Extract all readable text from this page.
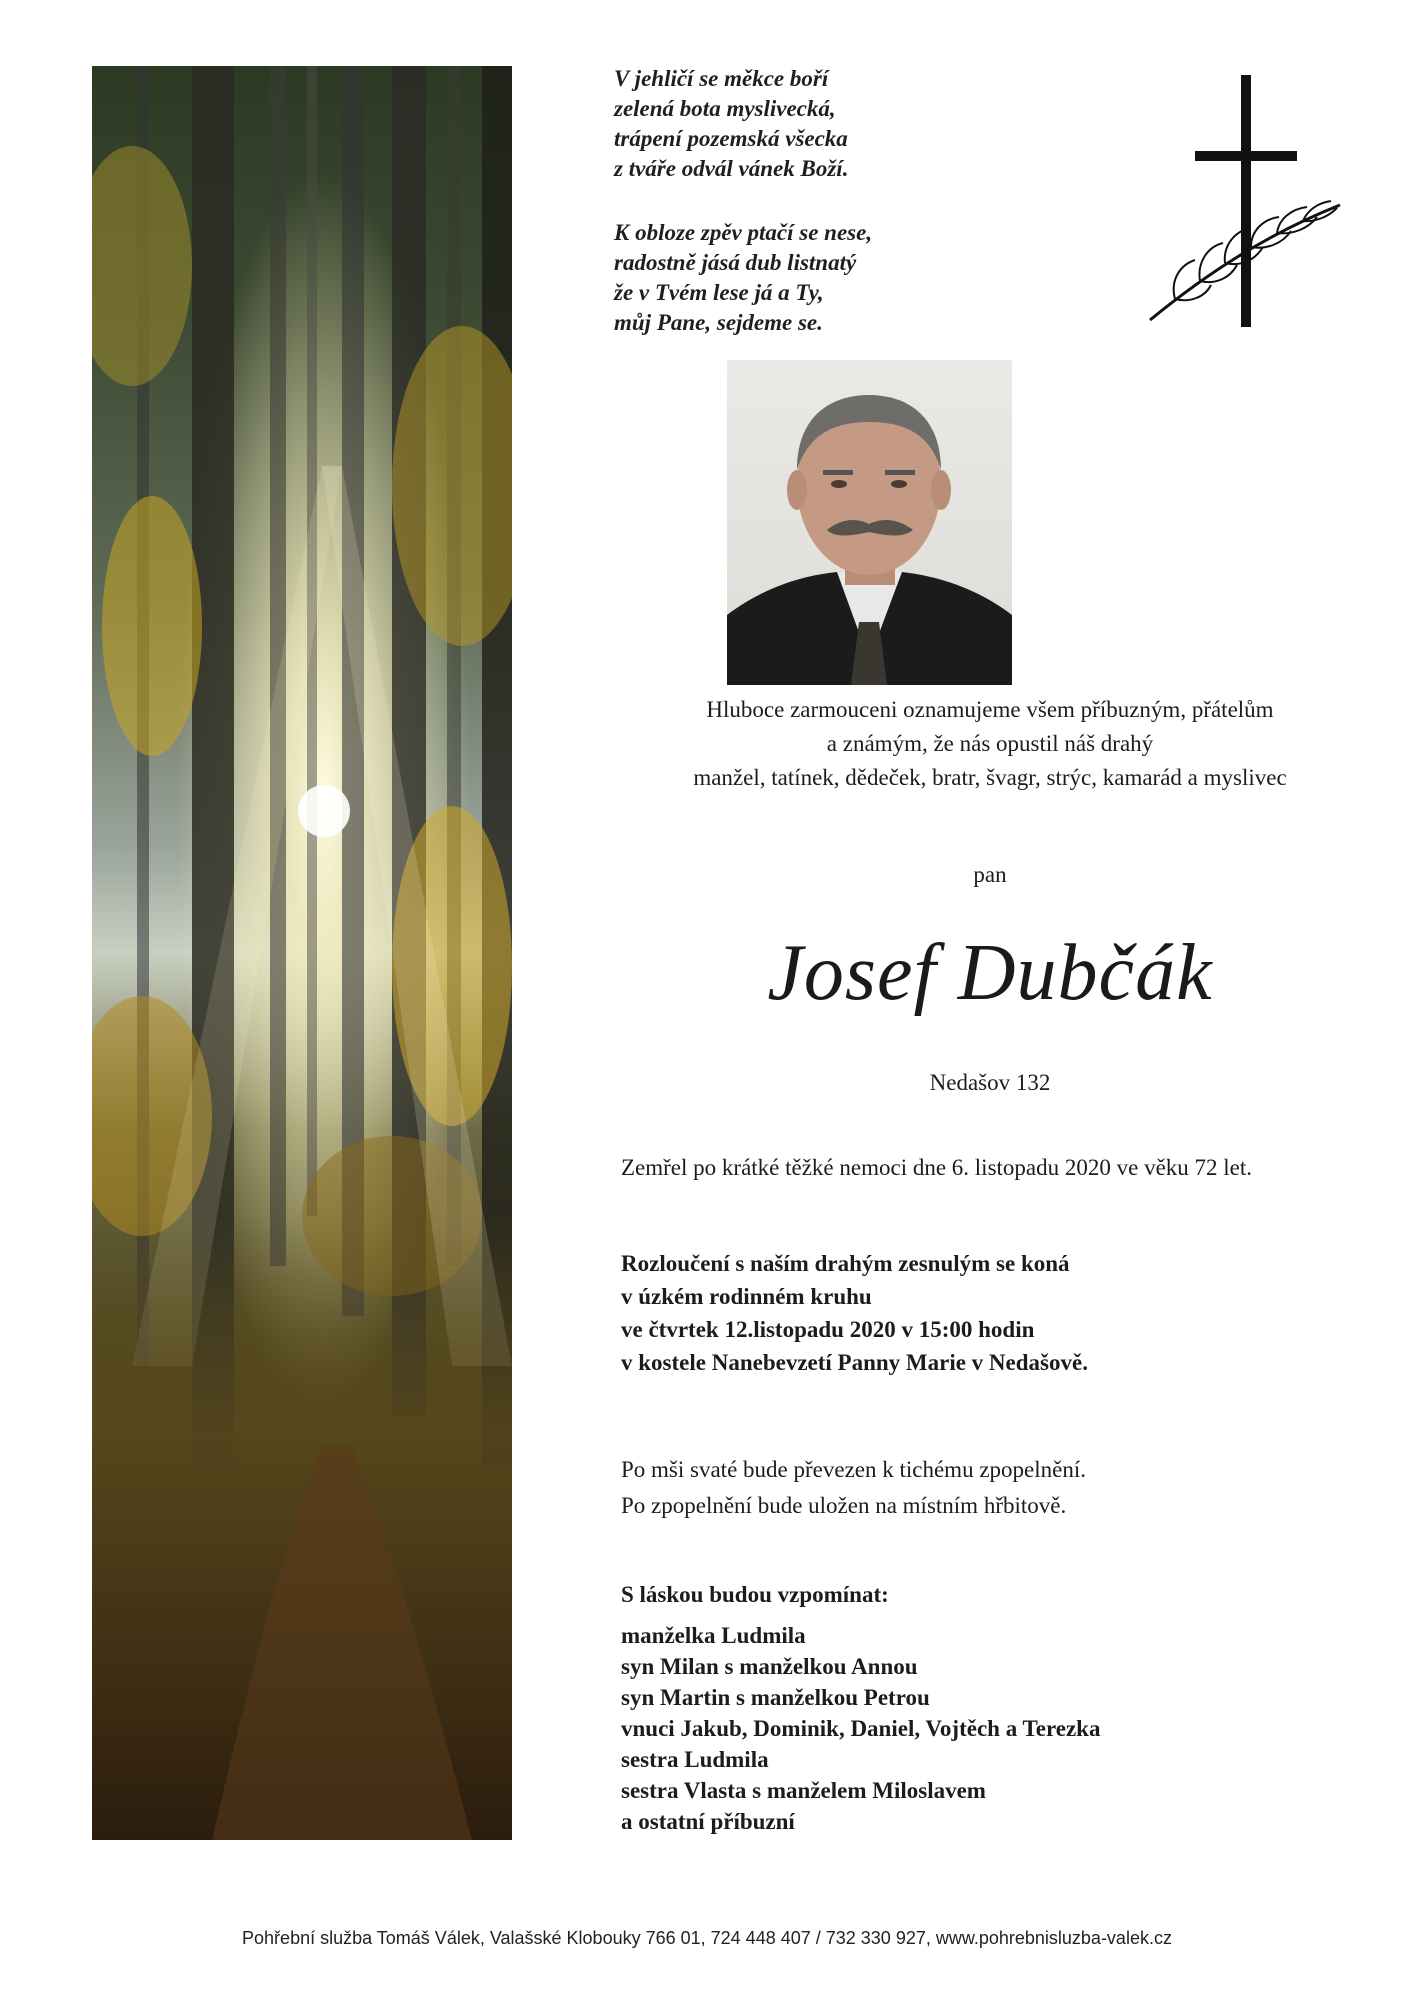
V jehličí se měkce boří
zelená bota myslivecká,
trápení pozemská všecka
z tváře odvál vánek Boží.
K obloze zpěv ptačí se nese,
radostně jásá dub listnatý
že v Tvém lese já a Ty,
můj Pane, sejdeme se.
Hluboce zarmouceni oznamujeme všem příbuzným, přátelům
a známým, že nás opustil náš drahý
manžel, tatínek, dědeček, bratr, švagr, strýc, kamarád a myslivec
pan
Josef Dubčák
Nedašov 132
Zemřel po krátké těžké nemoci dne 6. listopadu 2020 ve věku 72 let.
Rozloučení s naším drahým zesnulým se koná
v úzkém rodinném kruhu
ve čtvrtek 12.listopadu 2020 v 15:00 hodin
v kostele Nanebevzetí Panny Marie v Nedašově.
Po mši svaté bude převezen k tichému zpopelnění.
Po zpopelnění bude uložen na místním hřbitově.
S láskou budou vzpomínat:
manželka Ludmila
syn Milan s manželkou Annou
syn Martin s manželkou Petrou
vnuci Jakub, Dominik, Daniel, Vojtěch a Terezka
sestra Ludmila
sestra Vlasta s manželem Miloslavem
a ostatní příbuzní
Pohřební služba Tomáš Válek, Valašské Klobouky 766 01, 724 448 407 / 732 330 927, www.pohrebnisluzba-valek.cz
